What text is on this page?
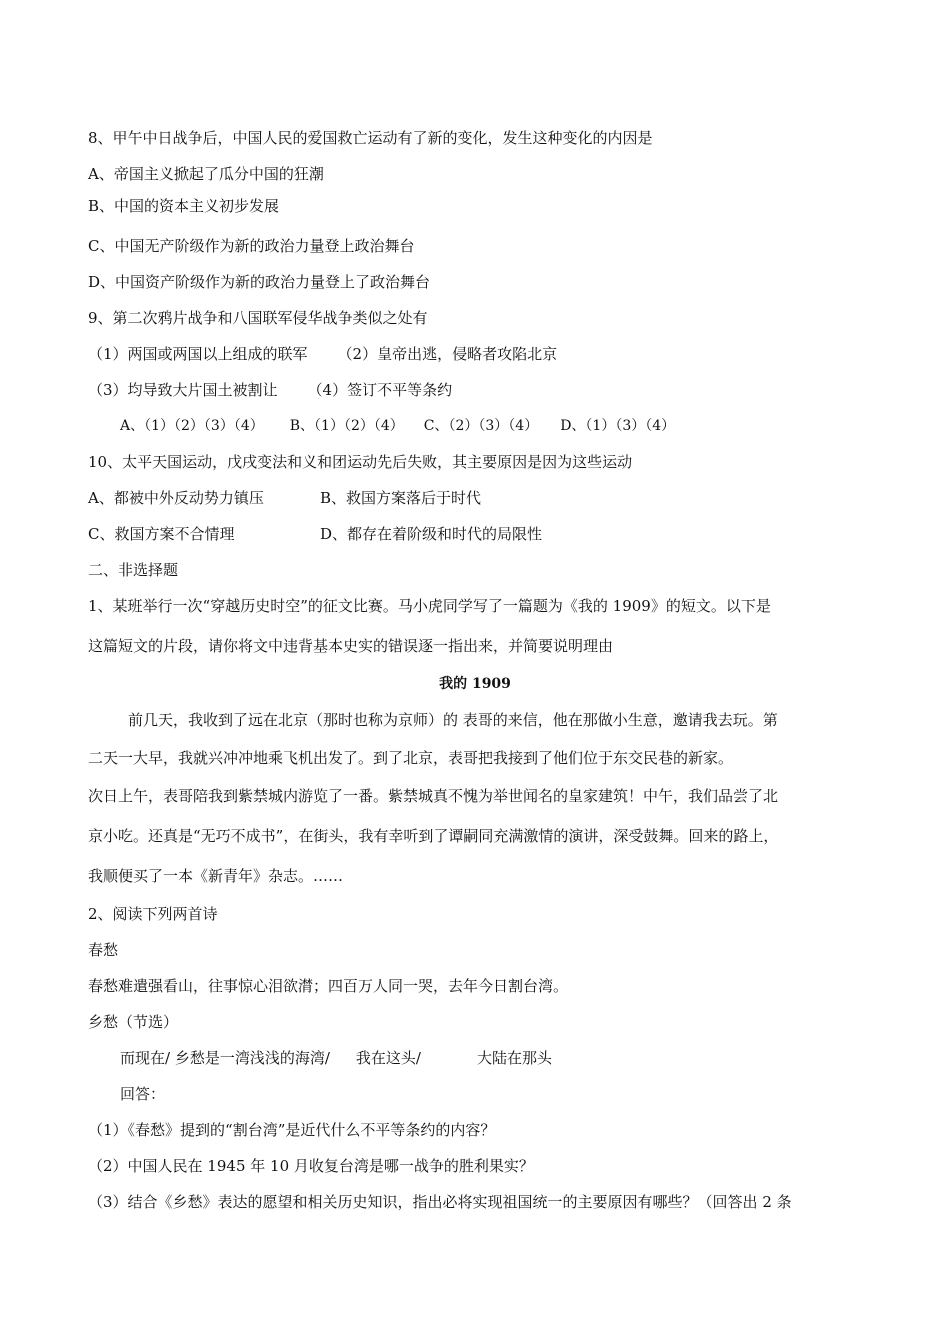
8、甲午中日战争后，中国人民的爱国救亡运动有了新的变化，发生这种变化的内因是
A、帝国主义掀起了瓜分中国的狂潮
B、中国的资本主义初步发展
C、中国无产阶级作为新的政治力量登上政治舞台
D、中国资产阶级作为新的政治力量登上了政治舞台
9、第二次鸦片战争和八国联军侵华战争类似之处有
（1）两国或两国以上组成的联军 （2）皇帝出逃，侵略者攻陷北京
（3）均导致大片国土被割让 （4）签订不平等条约
A、（1）（2）（3）（4） B、（1）（2）（4） C、（2）（3）（4） D、（1）（3）（4）
10、太平天国运动，戊戌变法和义和团运动先后失败，其主要原因是因为这些运动
A、都被中外反动势力镇压	B、救国方案落后于时代
C、救国方案不合情理	D、都存在着阶级和时代的局限性
二、非选择题
1、某班举行一次“穿越历史时空”的征文比赛。马小虎同学写了一篇题为《我的 1909》的短文。以下是
这篇短文的片段，请你将文中违背基本史实的错误逐一指出来，并简要说明理由
我的 1909
前几天，我收到了远在北京（那时也称为京师）的 表哥的来信，他在那做小生意，邀请我去玩。第
二天一大早，我就兴冲冲地乘飞机出发了。到了北京，表哥把我接到了他们位于东交民巷的新家。
次日上午，表哥陪我到紫禁城内游览了一番。紫禁城真不愧为举世闻名的皇家建筑！中午，我们品尝了北
京小吃。还真是“无巧不成书”，在街头，我有幸听到了谭嗣同充满激情的演讲，深受鼓舞。回来的路上，
我顺便买了一本《新青年》杂志。……
2、阅读下列两首诗
春愁
春愁难遣强看山，往事惊心泪欲潸；四百万人同一哭，去年今日割台湾。
乡愁（节选）
而现在/ 乡愁是一湾浅浅的海湾/ 我在这头/	大陆在那头
回答：
（1）《春愁》提到的“割台湾”是近代什么不平等条约的内容？
（2）中国人民在 1945 年 10 月收复台湾是哪一战争的胜利果实？
（3）结合《乡愁》表达的愿望和相关历史知识，指出必将实现祖国统一的主要原因有哪些？（回答出 2 条
